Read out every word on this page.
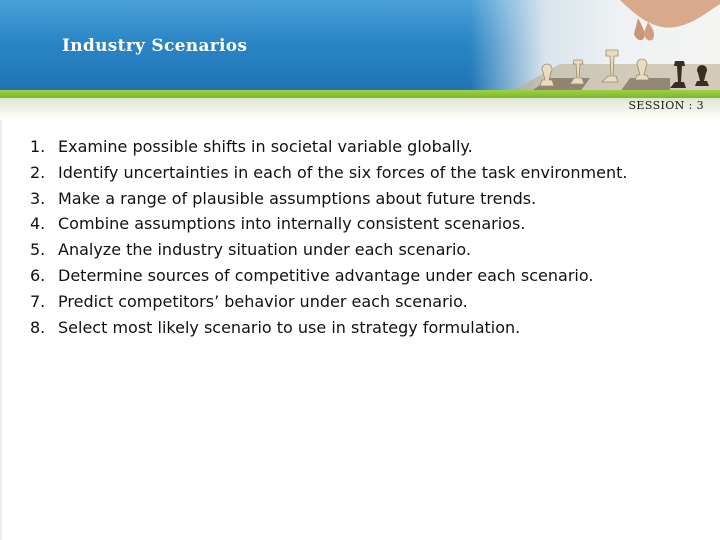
Industry Scenarios
SESSION : 3
1. Examine possible shifts in societal variable globally.
2. Identify uncertainties in each of the six forces of the task environment.
3. Make a range of plausible assumptions about future trends.
4. Combine assumptions into internally consistent scenarios.
5. Analyze the industry situation under each scenario.
6. Determine sources of competitive advantage under each scenario.
7. Predict competitors’ behavior under each scenario.
8. Select most likely scenario to use in strategy formulation.
